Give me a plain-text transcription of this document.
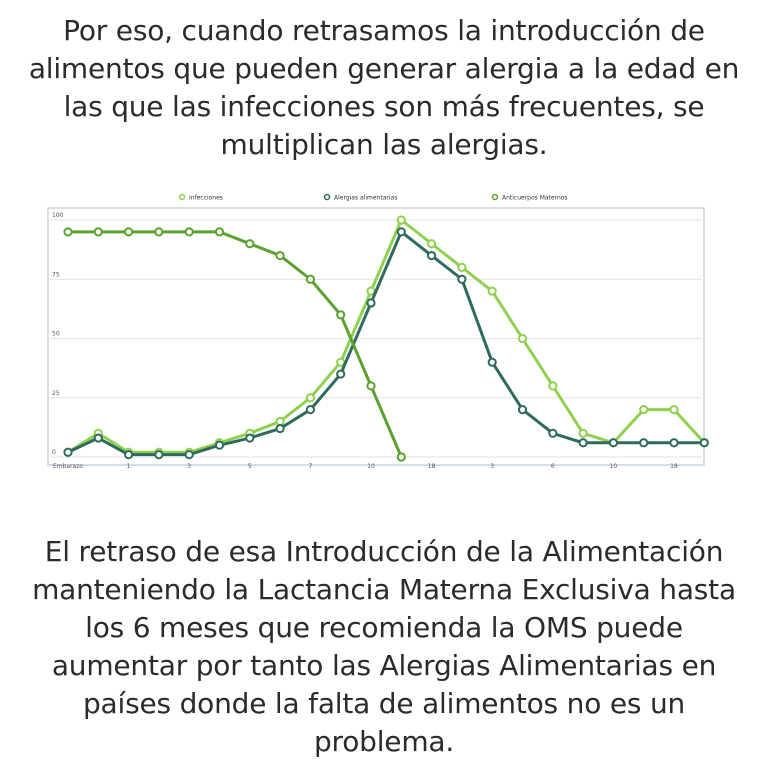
Por eso, cuando retrasamos la introducción de alimentos que pueden generar alergia a la edad en las que las infecciones son más frecuentes, se multiplican las alergias.
Infecciones	Alergias alimentarias	Anticuerpos Maternos
0
25
50
75
100
Embarazo	1	3	5	7	10	18	3	6	10	18
El retraso de esa Introducción de la Alimentación manteniendo la Lactancia Materna Exclusiva hasta los 6 meses que recomienda la OMS puede aumentar por tanto las Alergias Alimentarias en países donde la falta de alimentos no es un problema.
